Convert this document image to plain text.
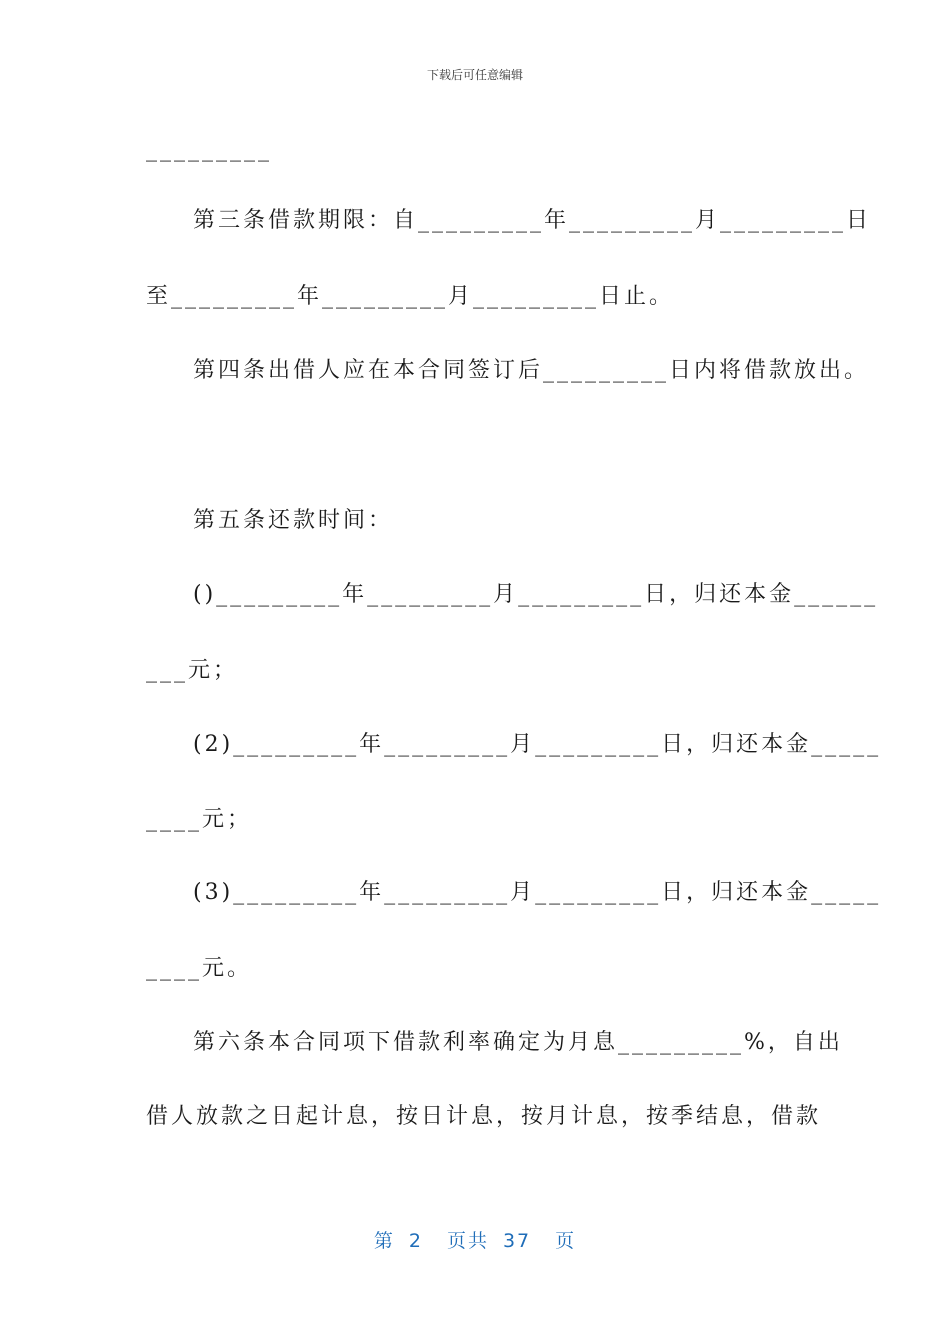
下载后可任意编辑
_________
第三条借款期限：自_________年_________月_________日
至_________年_________月_________日止。
第四条出借人应在本合同签订后_________日内将借款放出。
第五条还款时间：
()_________年_________月_________日，归还本金______
___元；
(2)_________年_________月_________日，归还本金_____
____元；
(3)_________年_________月_________日，归还本金_____
____元。
第六条本合同项下借款利率确定为月息_________%，自出
借人放款之日起计息，按日计息，按月计息，按季结息，借款
第 2 页共 37 页
